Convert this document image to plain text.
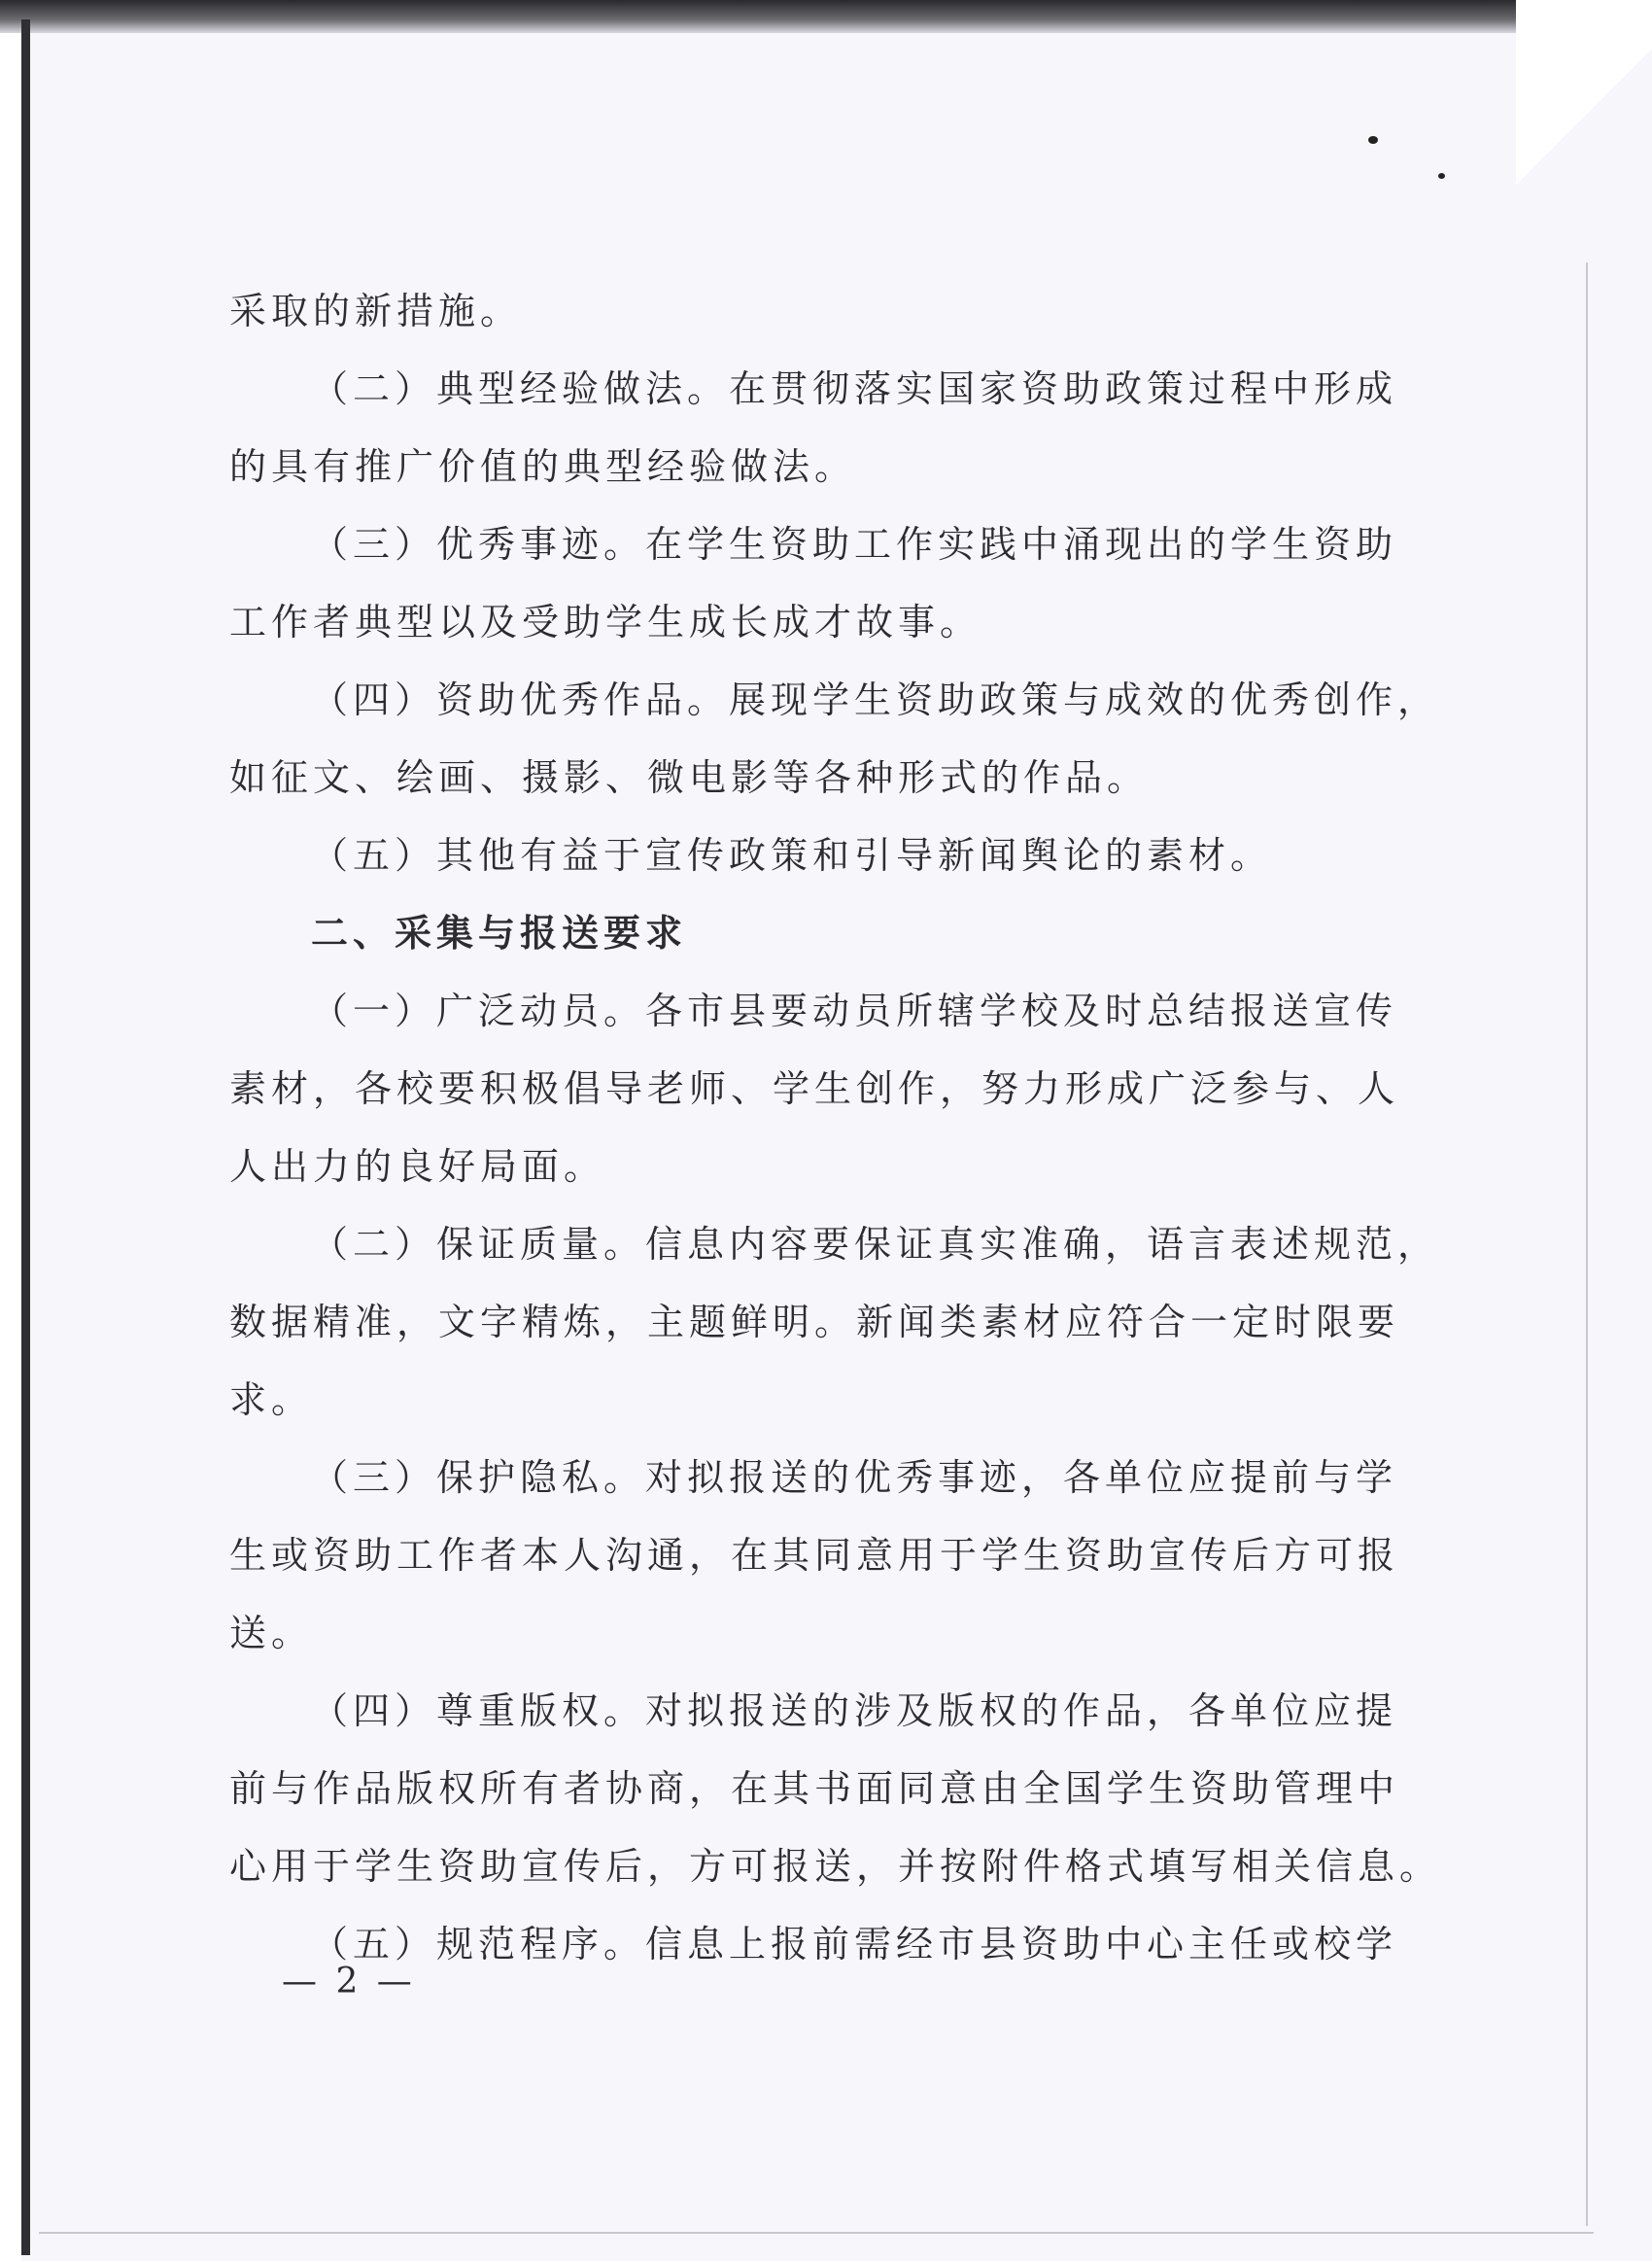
采取的新措施。
（二）典型经验做法。在贯彻落实国家资助政策过程中形成
的具有推广价值的典型经验做法。
（三）优秀事迹。在学生资助工作实践中涌现出的学生资助
工作者典型以及受助学生成长成才故事。
（四）资助优秀作品。展现学生资助政策与成效的优秀创作，
如征文、绘画、摄影、微电影等各种形式的作品。
（五）其他有益于宣传政策和引导新闻舆论的素材。
二、采集与报送要求
（一）广泛动员。各市县要动员所辖学校及时总结报送宣传
素材，各校要积极倡导老师、学生创作，努力形成广泛参与、人
人出力的良好局面。
（二）保证质量。信息内容要保证真实准确，语言表述规范，
数据精准，文字精炼，主题鲜明。新闻类素材应符合一定时限要
求。
（三）保护隐私。对拟报送的优秀事迹，各单位应提前与学
生或资助工作者本人沟通，在其同意用于学生资助宣传后方可报
送。
（四）尊重版权。对拟报送的涉及版权的作品，各单位应提
前与作品版权所有者协商，在其书面同意由全国学生资助管理中
心用于学生资助宣传后，方可报送，并按附件格式填写相关信息。
（五）规范程序。信息上报前需经市县资助中心主任或校学
— 2 —
